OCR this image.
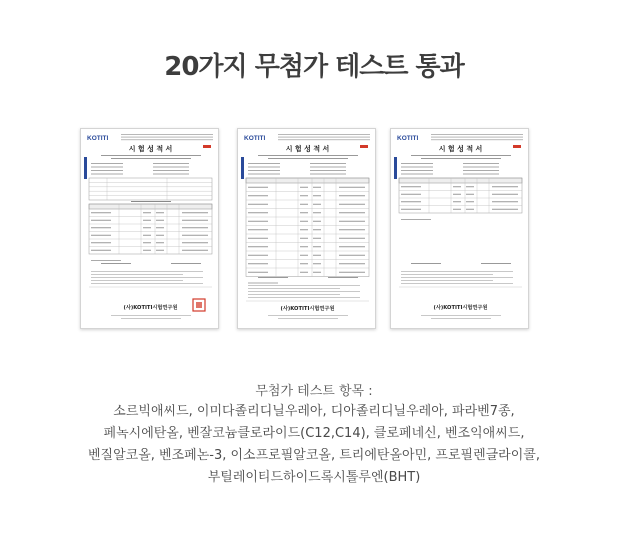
20가지 무첨가 테스트 통과
KOTITI
시 험 성 적 서
(사)KOTITI시험연구원
KOTITI
시 험 성 적 서
(사)KOTITI시험연구원
KOTITI
시 험 성 적 서
(사)KOTITI시험연구원
무첨가 테스트 항목 :
소르빅애씨드, 이미다졸리디닐우레아, 디아졸리디닐우레아, 파라벤7종,
페녹시에탄올, 벤잘코늄클로라이드(C12,C14), 클로페네신, 벤조익애씨드,
벤질알코올, 벤조페논-3, 이소프로필알코올, 트리에탄올아민, 프로필렌글라이콜,
부틸레이티드하이드록시톨루엔(BHT)
